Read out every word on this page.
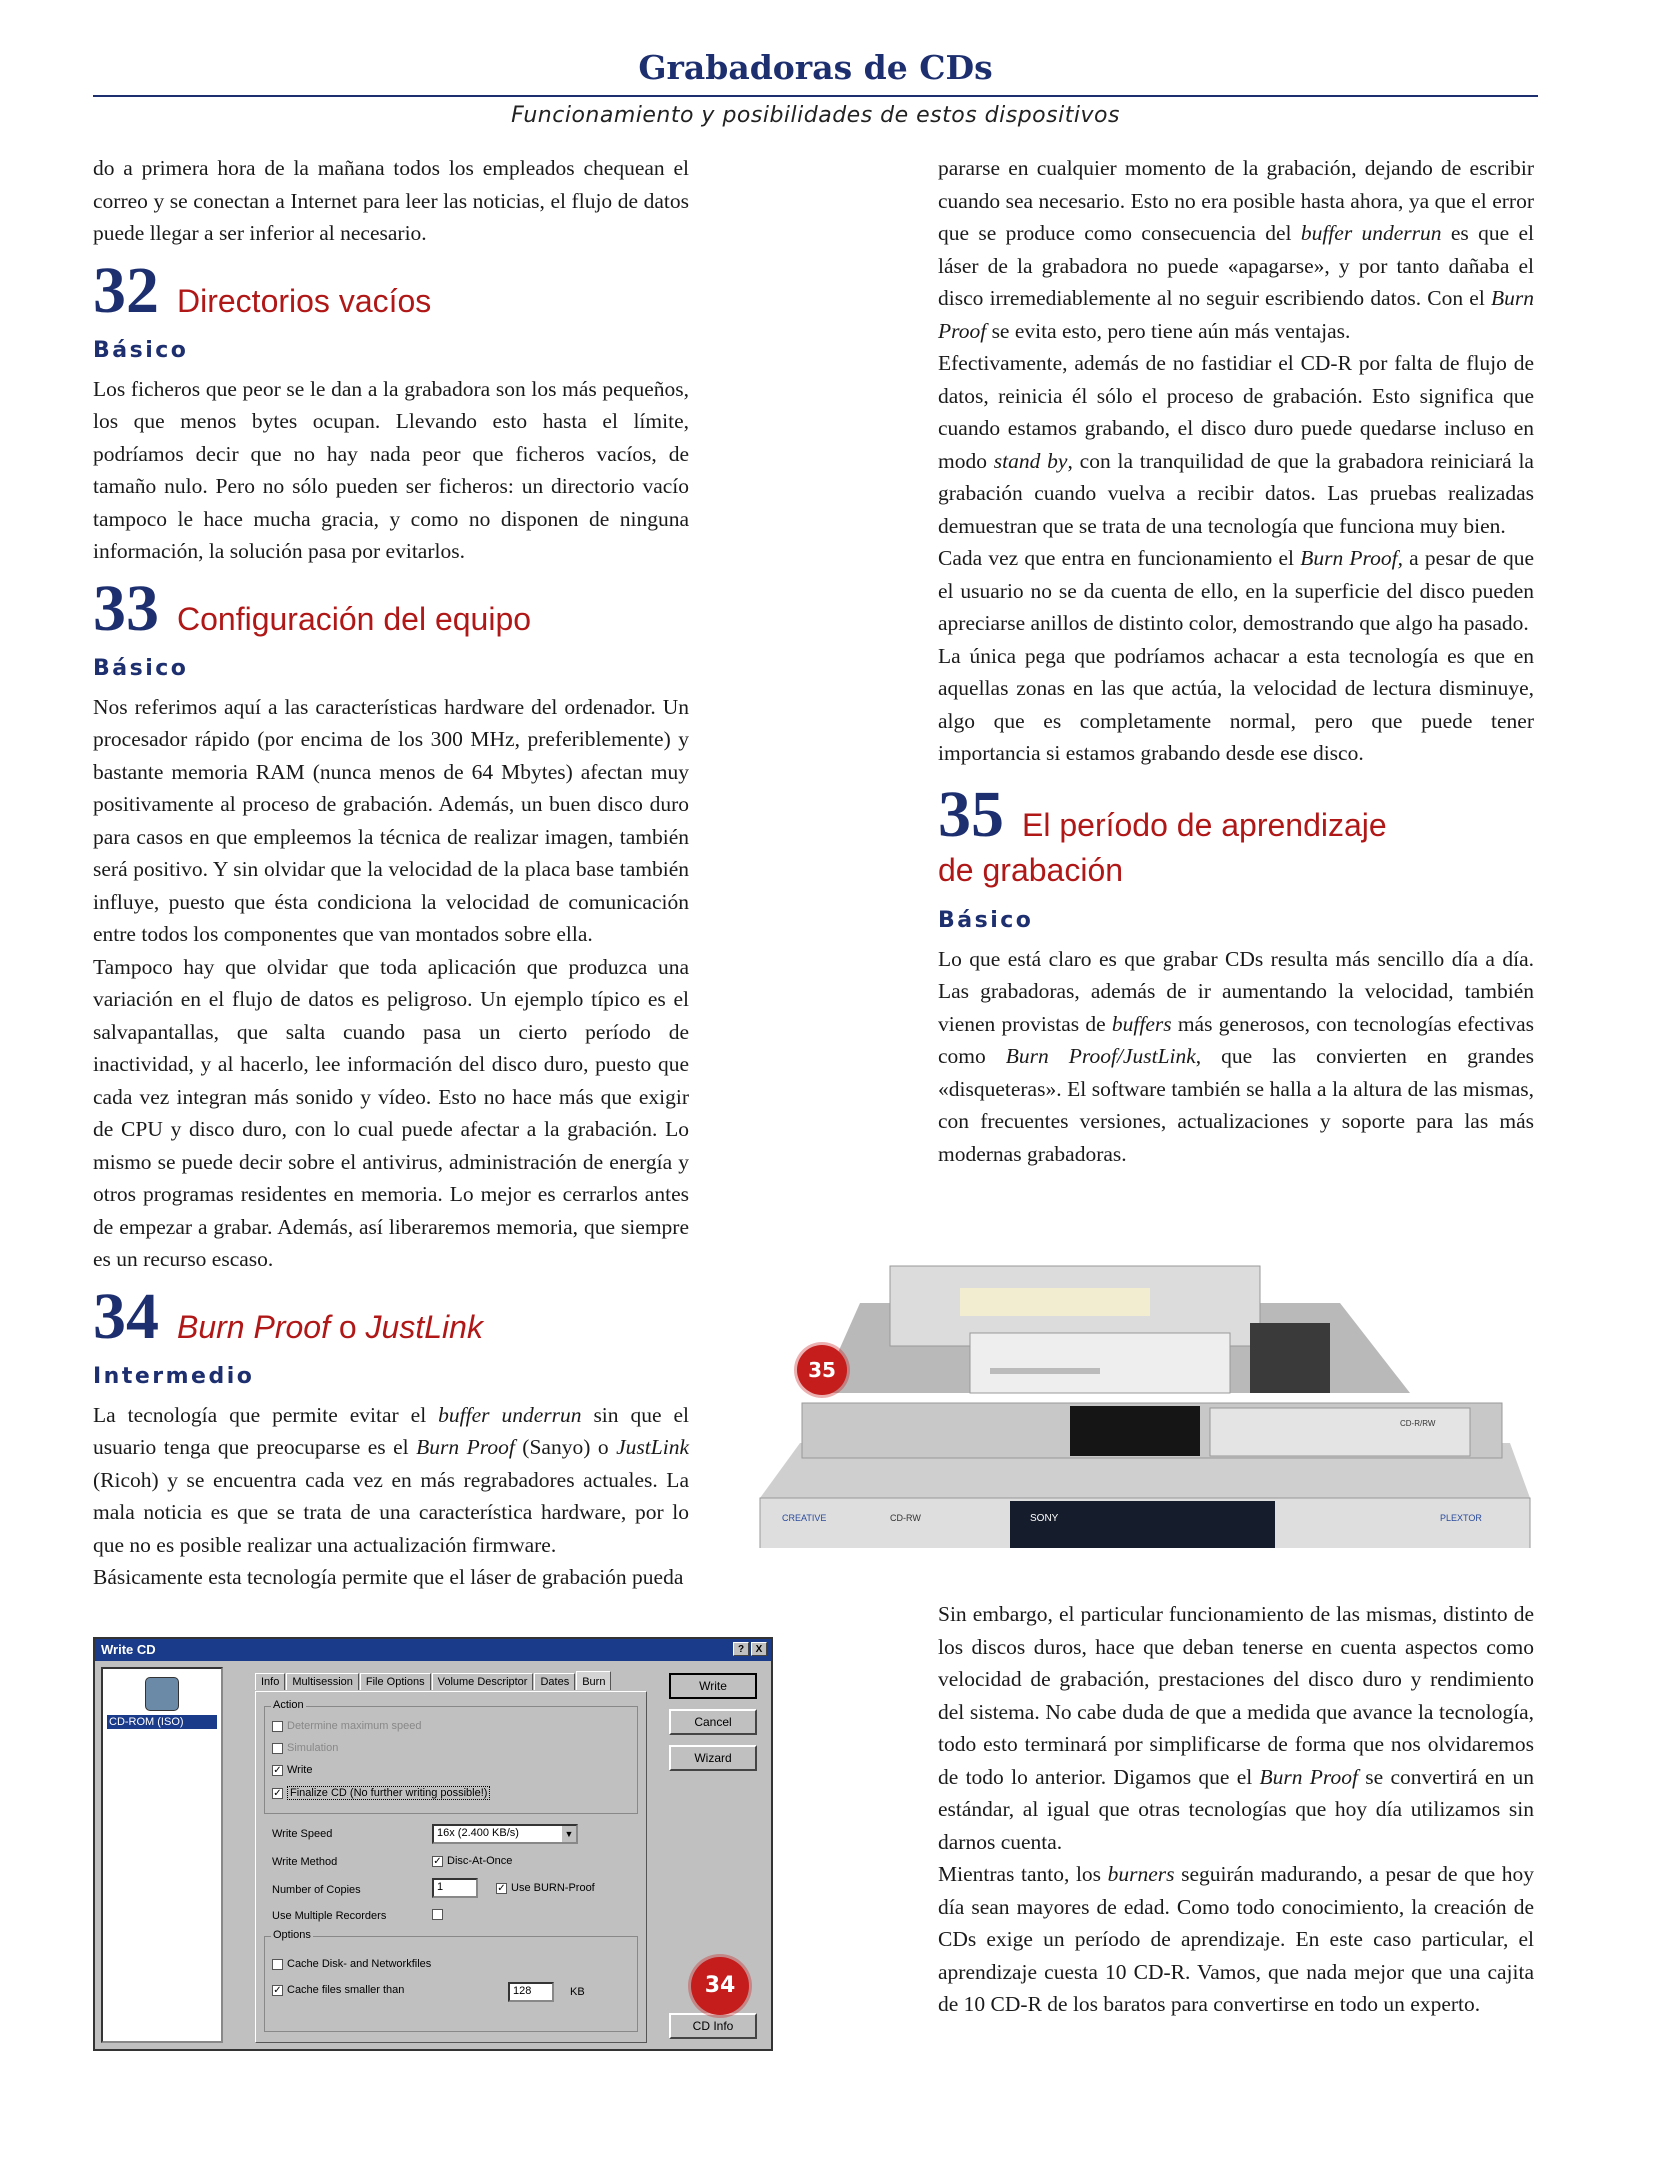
Grabadoras de CDs
Funcionamiento y posibilidades de estos dispositivos

do a primera hora de la mañana todos los empleados chequean el correo y se conectan a Internet para leer las noticias, el flujo de datos puede llegar a ser inferior al necesario.

32 Directorios vacíos
Básico

Los ficheros que peor se le dan a la grabadora son los más pequeños, los que menos bytes ocupan. Llevando esto hasta el límite, podríamos decir que no hay nada peor que ficheros vacíos, de tamaño nulo. Pero no sólo pueden ser ficheros: un directorio vacío tampoco le hace mucha gracia, y como no disponen de ninguna información, la solución pasa por evitarlos.

33 Configuración del equipo
Básico

Nos referimos aquí a las características hardware del ordenador. Un procesador rápido (por encima de los 300 MHz, preferiblemente) y bastante memoria RAM (nunca menos de 64 Mbytes) afectan muy positivamente al proceso de grabación. Además, un buen disco duro para casos en que empleemos la técnica de realizar imagen, también será positivo. Y sin olvidar que la velocidad de la placa base también influye, puesto que ésta condiciona la velocidad de comunicación entre todos los componentes que van montados sobre ella.

Tampoco hay que olvidar que toda aplicación que produzca una variación en el flujo de datos es peligroso. Un ejemplo típico es el salvapantallas, que salta cuando pasa un cierto período de inactividad, y al hacerlo, lee información del disco duro, puesto que cada vez integran más sonido y vídeo. Esto no hace más que exigir de CPU y disco duro, con lo cual puede afectar a la grabación. Lo mismo se puede decir sobre el antivirus, administración de energía y otros programas residentes en memoria. Lo mejor es cerrarlos antes de empezar a grabar. Además, así liberaremos memoria, que siempre es un recurso escaso.

34 Burn Proof o JustLink
Intermedio

La tecnología que permite evitar el buffer underrun sin que el usuario tenga que preocuparse es el Burn Proof (Sanyo) o JustLink (Ricoh) y se encuentra cada vez en más regrabadores actuales. La mala noticia es que se trata de una característica hardware, por lo que no es posible realizar una actualización firmware.

Básicamente esta tecnología permite que el láser de grabación pueda

pararse en cualquier momento de la grabación, dejando de escribir cuando sea necesario. Esto no era posible hasta ahora, ya que el error que se produce como consecuencia del buffer underrun es que el láser de la grabadora no puede «apagarse», y por tanto dañaba el disco irremediablemente al no seguir escribiendo datos. Con el Burn Proof se evita esto, pero tiene aún más ventajas.

Efectivamente, además de no fastidiar el CD-R por falta de flujo de datos, reinicia él sólo el proceso de grabación. Esto significa que cuando estamos grabando, el disco duro puede quedarse incluso en modo stand by, con la tranquilidad de que la grabadora reiniciará la grabación cuando vuelva a recibir datos. Las pruebas realizadas demuestran que se trata de una tecnología que funciona muy bien.

Cada vez que entra en funcionamiento el Burn Proof, a pesar de que el usuario no se da cuenta de ello, en la superficie del disco pueden apreciarse anillos de distinto color, demostrando que algo ha pasado.

La única pega que podríamos achacar a esta tecnología es que en aquellas zonas en las que actúa, la velocidad de lectura disminuye, algo que es completamente normal, pero que puede tener importancia si estamos grabando desde ese disco.

35 El período de aprendizaje
de grabación
Básico

Lo que está claro es que grabar CDs resulta más sencillo día a día. Las grabadoras, además de ir aumentando la velocidad, también vienen provistas de buffers más generosos, con tecnologías efectivas como Burn Proof/JustLink, que las convierten en grandes «disqueteras». El software también se halla a la altura de las mismas, con frecuentes versiones, actualizaciones y soporte para las más modernas grabadoras.

Sin embargo, el particular funcionamiento de las mismas, distinto de los discos duros, hace que deban tenerse en cuenta aspectos como velocidad de grabación, prestaciones del disco duro y rendimiento del sistema. No cabe duda de que a medida que avance la tecnología, todo esto terminará por simplificarse de forma que nos olvidaremos de todo lo anterior. Digamos que el Burn Proof se convertirá en un estándar, al igual que otras tecnologías que hoy día utilizamos sin darnos cuenta.

Mientras tanto, los burners seguirán madurando, a pesar de que hoy día sean mayores de edad. Como todo conocimiento, la creación de CDs exige un período de aprendizaje. En este caso particular, el aprendizaje cuesta 10 CD-R. Vamos, que nada mejor que una cajita de 10 CD-R de los baratos para convertirse en todo un experto.

CREATIVE	CD-RW	SONY	PLEXTOR
CD-R/RW
35
Write CD	?	X
CD-ROM (ISO)
Info	Multisession	File Options	Volume Descriptor	Dates	Burn
Action
Determine maximum speed
Simulation
✓ Write
✓ Finalize CD (No further writing possible!)
Write Speed	16x (2.400 KB/s)	▼
Write Method	✓ Disc-At-Once
Number of Copies	1	✓ Use BURN-Proof
Use Multiple Recorders
Options
Cache Disk- and Networkfiles
✓ Cache files smaller than	128	KB
Write
Cancel
Wizard
CD Info
34
